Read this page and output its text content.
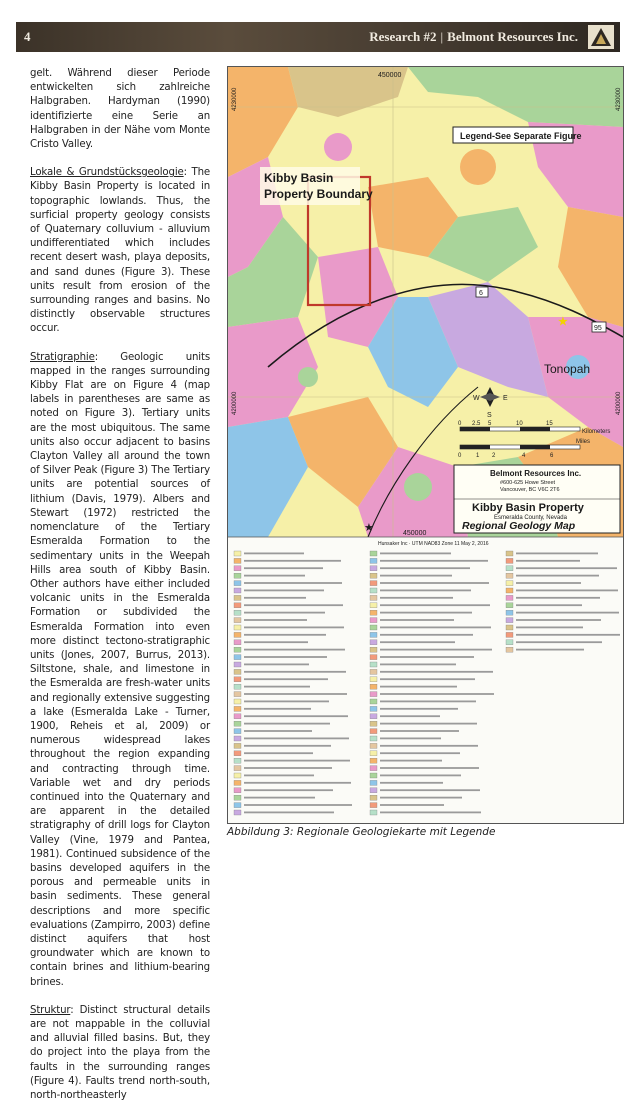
4	Research #2 | Belmont Resources Inc.

gelt. Während dieser Periode entwickelten sich zahlreiche Halbgraben. Hardyman (1990) identifizierte eine Serie an Halbgraben in der Nähe vom Monte Cristo Valley.

Lokale & Grundstücksgeologie: The Kibby Basin Property is located in topographic lowlands. Thus, the surficial property geology consists of Quaternary colluvium - alluvium undifferentiated which includes recent desert wash, playa deposits, and sand dunes (Figure 3). These units result from erosion of the surrounding ranges and basins. No distinctly observable structures occur.

Stratigraphie: Geologic units mapped in the ranges surrounding Kibby Flat are on Figure 4 (map labels in parentheses are same as noted on Figure 3). Tertiary units are the most ubiquitous. The same units also occur adjacent to basins Clayton Valley all around the town of Silver Peak (Figure 3) The Tertiary units are potential sources of lithium (Davis, 1979). Albers and Stewart (1972) restricted the nomenclature of the Tertiary Esmeralda Formation to the sedimentary units in the Weepah Hills area south of Kibby Basin. Other authors have either included volcanic units in the Esmeralda Formation or subdivided the Esmeralda Formation into even more distinct tectono-stratigraphic units (Jones, 2007, Burrus, 2013). Siltstone, shale, and limestone in the Esmeralda are fresh-water units and regionally extensive suggesting a lake (Esmeralda Lake - Turner, 1900, Reheis et al, 2009) or numerous widespread lakes throughout the region expanding and contracting through time. Variable wet and dry periods continued into the Quaternary and are apparent in the detailed stratigraphy of drill logs for Clayton Valley (Vine, 1979 and Pantea, 1981). Continued subsidence of the basins developed aquifers in the porous and permeable units in basin sediments. These general descriptions and more specific evaluations (Zampirro, 2003) define distinct aquifers that host groundwater which are known to contain brines and lithium-bearing brines.

Struktur: Distinct structural details are not mappable in the colluvial and alluvial filled basins. But, they do project into the playa from the faults in the surrounding ranges (Figure 4). Faults trend north-south, north-northeasterly

Kibby Basin
Property Boundary
Legend-See Separate Figure
450000
450000
4230000
4200000
4230000
4200000
6
95
★
Tonopah
★
W	E
S
0 2.5 5	10	15
Kilometers
0 1 2	4	6
Miles
Belmont Resources Inc.
#600-625 Howe Street
Vancouver, BC V6C 2T6
Kibby Basin Property
Esmeralda County, Nevada
Regional Geology Map
Hunsaker Inc · UTM NAD83 Zone 11 May 2, 2016
Abbildung 3: Regionale Geologiekarte mit Legende
